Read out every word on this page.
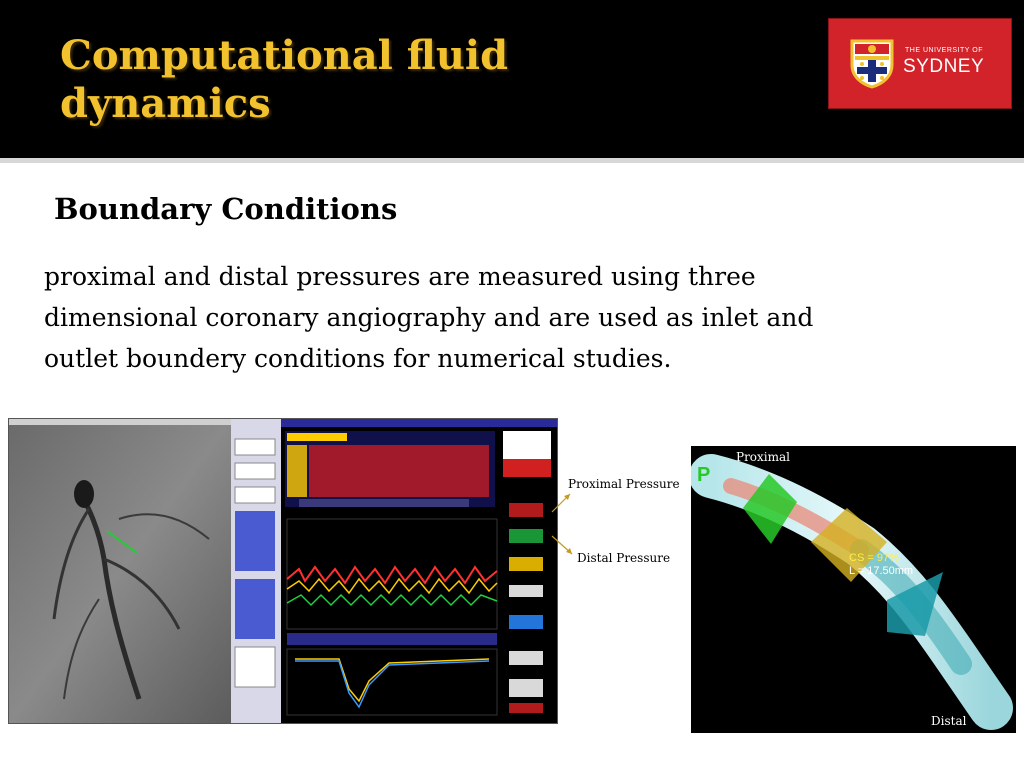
Computational fluid
dynamics
THE UNIVERSITY OF
SYDNEY
Boundary Conditions
proximal and distal pressures are measured using three dimensional coronary angiography and are used as inlet and outlet boundery conditions for numerical studies.
Proximal Pressure
Distal Pressure
P
Proximal
CS = 97%
L = 17.50mm
Distal
